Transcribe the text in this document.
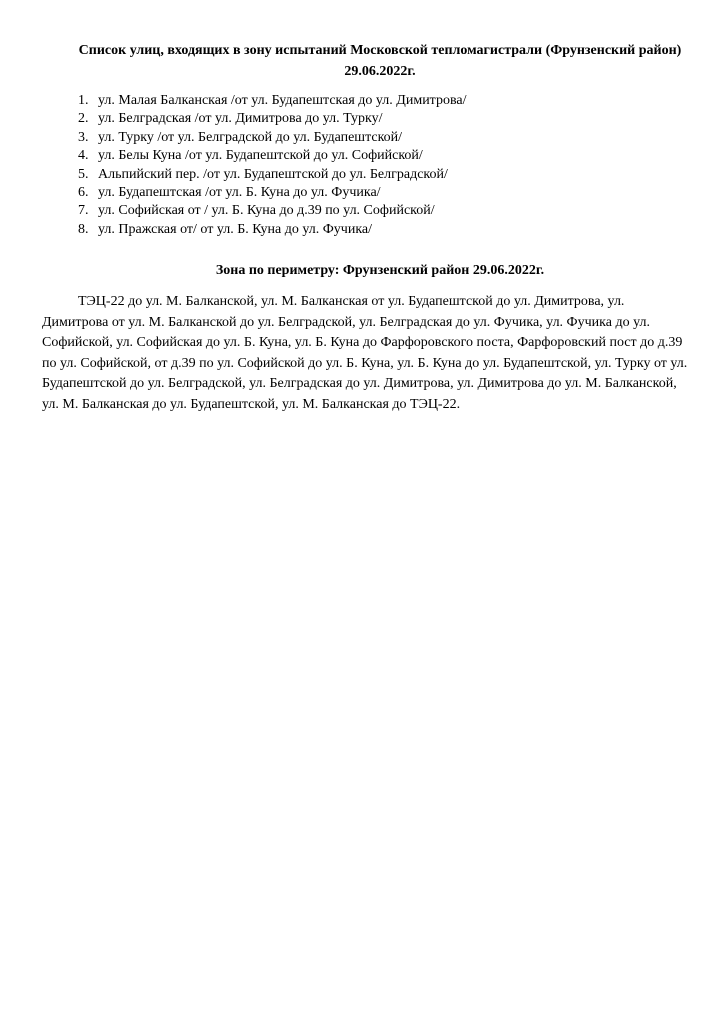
Список улиц, входящих в зону испытаний Московской тепломагистрали (Фрунзенский район) 29.06.2022г.
1. ул. Малая Балканская /от ул. Будапештская до ул. Димитрова/
2. ул. Белградская /от ул. Димитрова до ул. Турку/
3. ул. Турку /от ул. Белградской до ул. Будапештской/
4. ул. Белы Куна /от ул. Будапештской до ул. Софийской/
5. Альпийский пер. /от ул. Будапештской до ул. Белградской/
6. ул. Будапештская /от ул. Б. Куна до ул. Фучика/
7. ул. Софийская от / ул. Б. Куна до д.39 по ул. Софийской/
8. ул. Пражская от/ от ул. Б. Куна до ул. Фучика/
Зона по периметру: Фрунзенский район 29.06.2022г.

ТЭЦ-22 до ул. М. Балканской, ул. М. Балканская от ул. Будапештской до ул. Димитрова, ул. Димитрова от ул. М. Балканской до ул. Белградской, ул. Белградская до ул. Фучика, ул. Фучика до ул. Софийской, ул. Софийская до ул. Б. Куна, ул. Б. Куна до Фарфоровского поста, Фарфоровский пост до д.39 по ул. Софийской, от д.39 по ул. Софийской до ул. Б. Куна, ул. Б. Куна до ул. Будапештской, ул. Турку от ул. Будапештской до ул. Белградской, ул. Белградская до ул. Димитрова, ул. Димитрова до ул. М. Балканской, ул. М. Балканская до ул. Будапештской, ул. М. Балканская до ТЭЦ-22.
